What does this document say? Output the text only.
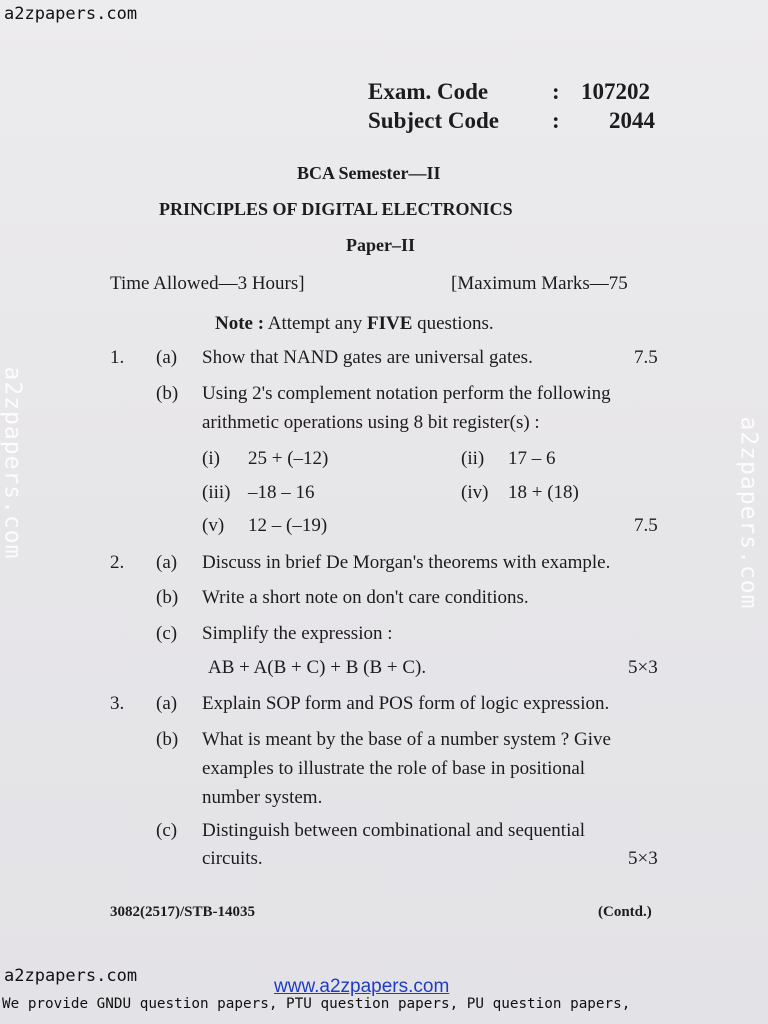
a2zpapers.com
a2zpapers.com	a2zpapers.com
Exam. Code	: 107202
Subject Code : 2044
BCA Semester—II
PRINCIPLES OF DIGITAL ELECTRONICS
Paper–II
Time Allowed—3 Hours]	[Maximum Marks—75
Note : Attempt any FIVE questions.
1. (a) Show that NAND gates are universal gates.	7.5
(b) Using 2's complement notation perform the following
arithmetic operations using 8 bit register(s) :
(i) 25 + (–12)	(ii) 17 – 6
(iii) –18 – 16	(iv) 18 + (18)
(v) 12 – (–19)	7.5
2. (a) Discuss in brief De Morgan's theorems with example.
(b) Write a short note on don't care conditions.
(c) Simplify the expression :
AB + A(B + C) + B (B + C).	5×3
3. (a) Explain SOP form and POS form of logic expression.
(b) What is meant by the base of a number system ? Give
examples to illustrate the role of base in positional
number system.
(c) Distinguish between combinational and sequential
circuits.	5×3
3082(2517)/STB-14035	(Contd.)
a2zpapers.com	www.a2zpapers.com
We provide GNDU question papers, PTU question papers, PU question papers,
